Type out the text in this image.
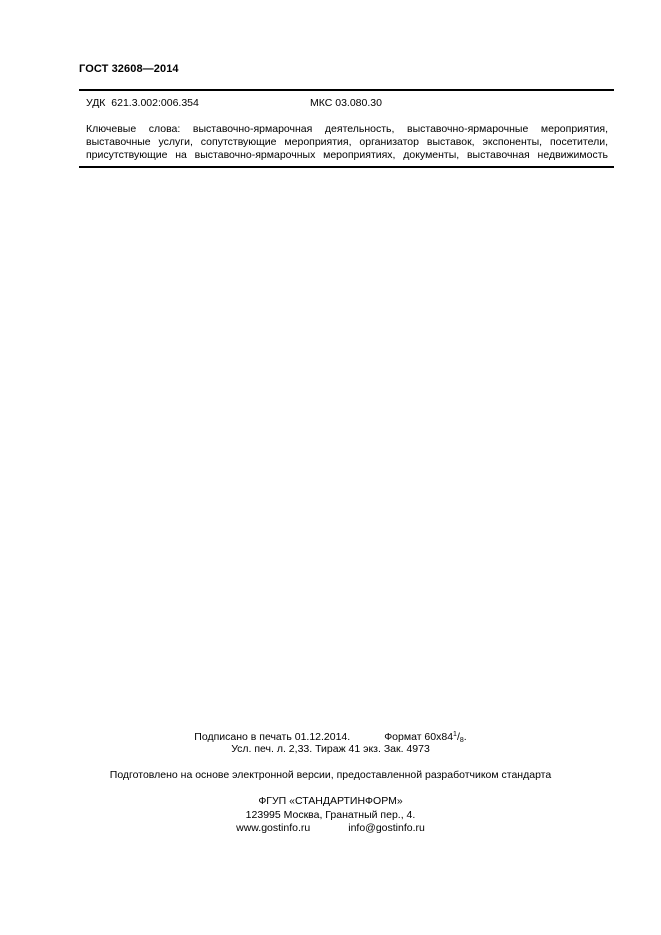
ГОСТ 32608—2014
УДК  621.3.002:006.354	МКС 03.080.30
Ключевые слова: выставочно-ярмарочная деятельность, выставочно-ярмарочные мероприятия,
выставочные услуги, сопутствующие мероприятия, организатор выставок, экспоненты, посетители,
присутствующие на выставочно-ярмарочных мероприятиях, документы, выставочная недвижимость
Подписано в печать 01.12.2014.	Формат $60х84^1/_8$.
Усл. печ. л. 2,33. Тираж 41 экз. Зак. 4973
Подготовлено на основе электронной версии, предоставленной разработчиком стандарта
ФГУП «СТАНДАРТИНФОРМ»
123995 Москва, Гранатный пер., 4.
www.gostinfo.ru	info@gostinfo.ru
